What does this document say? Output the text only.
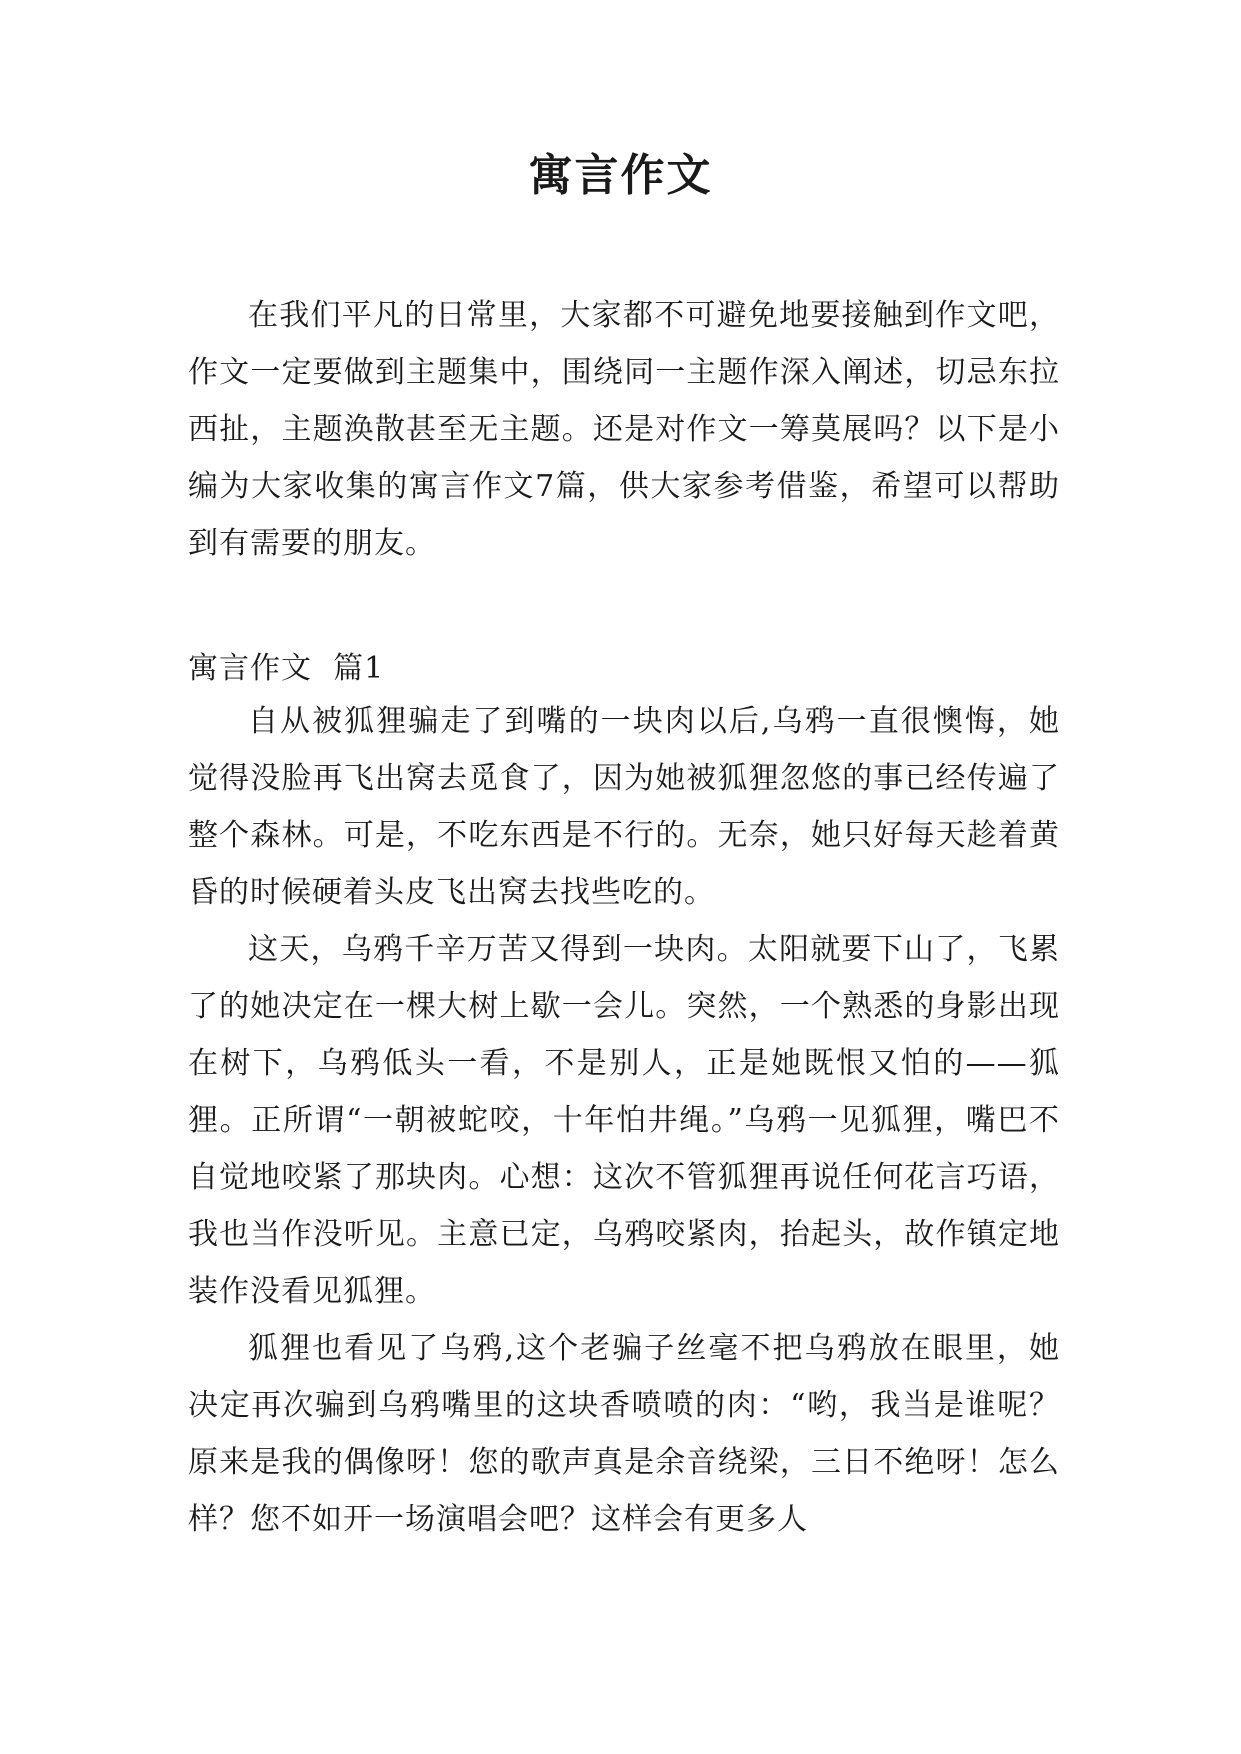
寓言作文

在我们平凡的日常里，大家都不可避免地要接触到作文吧，作文一定要做到主题集中，围绕同一主题作深入阐述，切忌东拉西扯，主题涣散甚至无主题。还是对作文一筹莫展吗？以下是小编为大家收集的寓言作文7篇，供大家参考借鉴，希望可以帮助到有需要的朋友。

寓言作文  篇1

自从被狐狸骗走了到嘴的一块肉以后,乌鸦一直很懊悔，她觉得没脸再飞出窝去觅食了，因为她被狐狸忽悠的事已经传遍了整个森林。可是，不吃东西是不行的。无奈，她只好每天趁着黄昏的时候硬着头皮飞出窝去找些吃的。

这天，乌鸦千辛万苦又得到一块肉。太阳就要下山了，飞累了的她决定在一棵大树上歇一会儿。突然，一个熟悉的身影出现在树下，乌鸦低头一看，不是别人，正是她既恨又怕的——狐狸。正所谓“一朝被蛇咬，十年怕井绳。”乌鸦一见狐狸，嘴巴不自觉地咬紧了那块肉。心想：这次不管狐狸再说任何花言巧语，我也当作没听见。主意已定，乌鸦咬紧肉，抬起头，故作镇定地装作没看见狐狸。

狐狸也看见了乌鸦,这个老骗子丝毫不把乌鸦放在眼里，她决定再次骗到乌鸦嘴里的这块香喷喷的肉：“哟，我当是谁呢？原来是我的偶像呀！您的歌声真是余音绕梁，三日不绝呀！怎么样？您不如开一场演唱会吧？这样会有更多人
